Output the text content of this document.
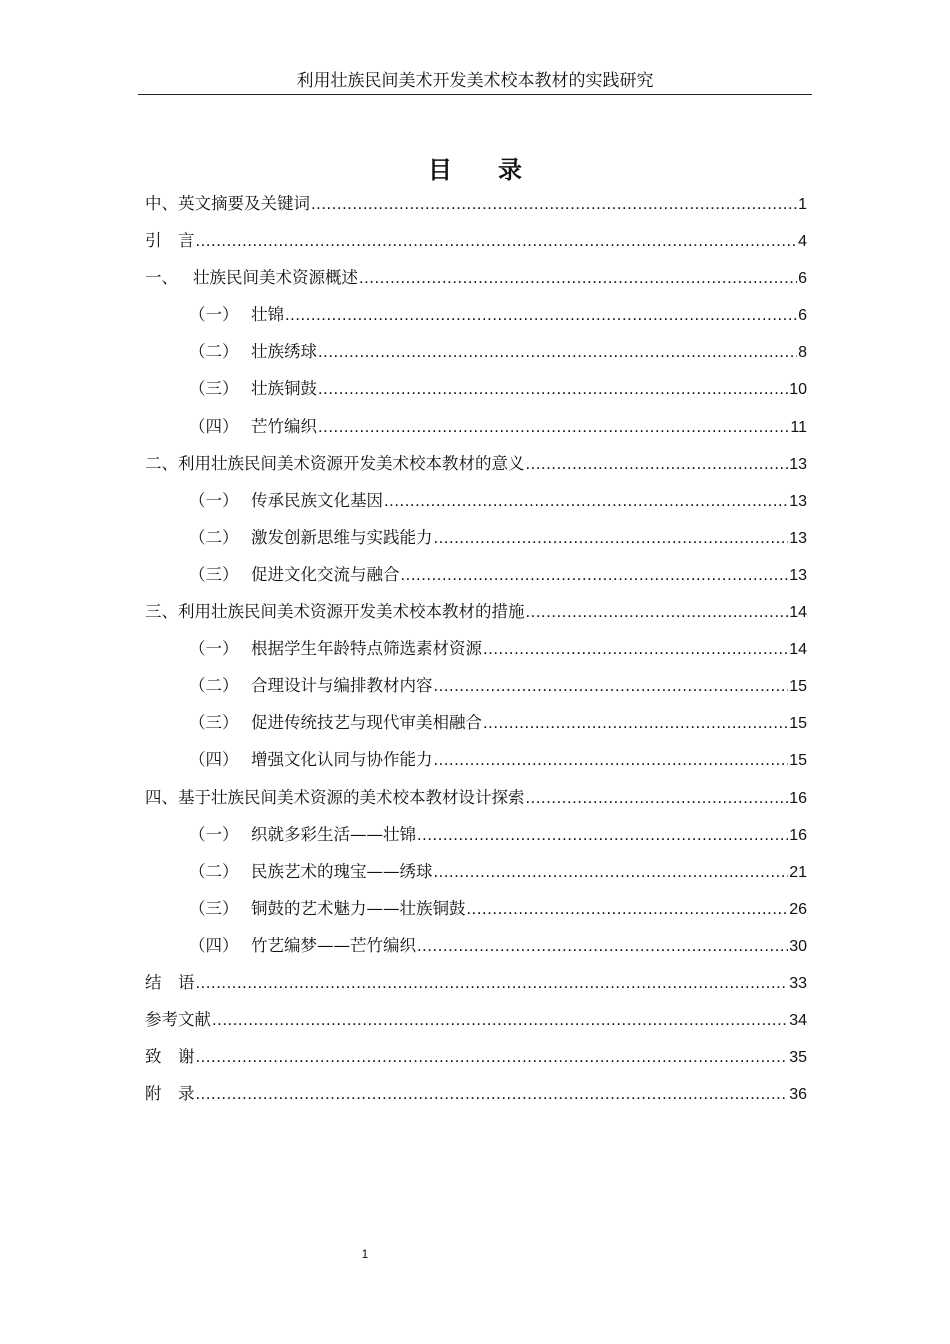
利用壮族民间美术开发美术校本教材的实践研究
目 录
中、英文摘要及关键词 .....	1
引　言 .....	4
一、 壮族民间美术资源概述 .....	6
（一） 壮锦 .....	6
（二） 壮族绣球 .....	8
（三） 壮族铜鼓 .....	10
（四） 芒竹编织 .....	11
二、利用壮族民间美术资源开发美术校本教材的意义 .....	13
（一） 传承民族文化基因 .....	13
（二） 激发创新思维与实践能力 .....	13
（三） 促进文化交流与融合 .....	13
三、利用壮族民间美术资源开发美术校本教材的措施 .....	14
（一） 根据学生年龄特点筛选素材资源 .....	14
（二） 合理设计与编排教材内容 .....	15
（三） 促进传统技艺与现代审美相融合 .....	15
（四） 增强文化认同与协作能力 .....	15
四、基于壮族民间美术资源的美术校本教材设计探索 .....	16
（一） 织就多彩生活——壮锦 .....	16
（二） 民族艺术的瑰宝——绣球 .....	21
（三） 铜鼓的艺术魅力——壮族铜鼓 .....	26
（四） 竹艺编梦——芒竹编织 .....	30
结　语 .....	33
参考文献 .....	34
致　谢 .....	35
附　录 .....	36
1
